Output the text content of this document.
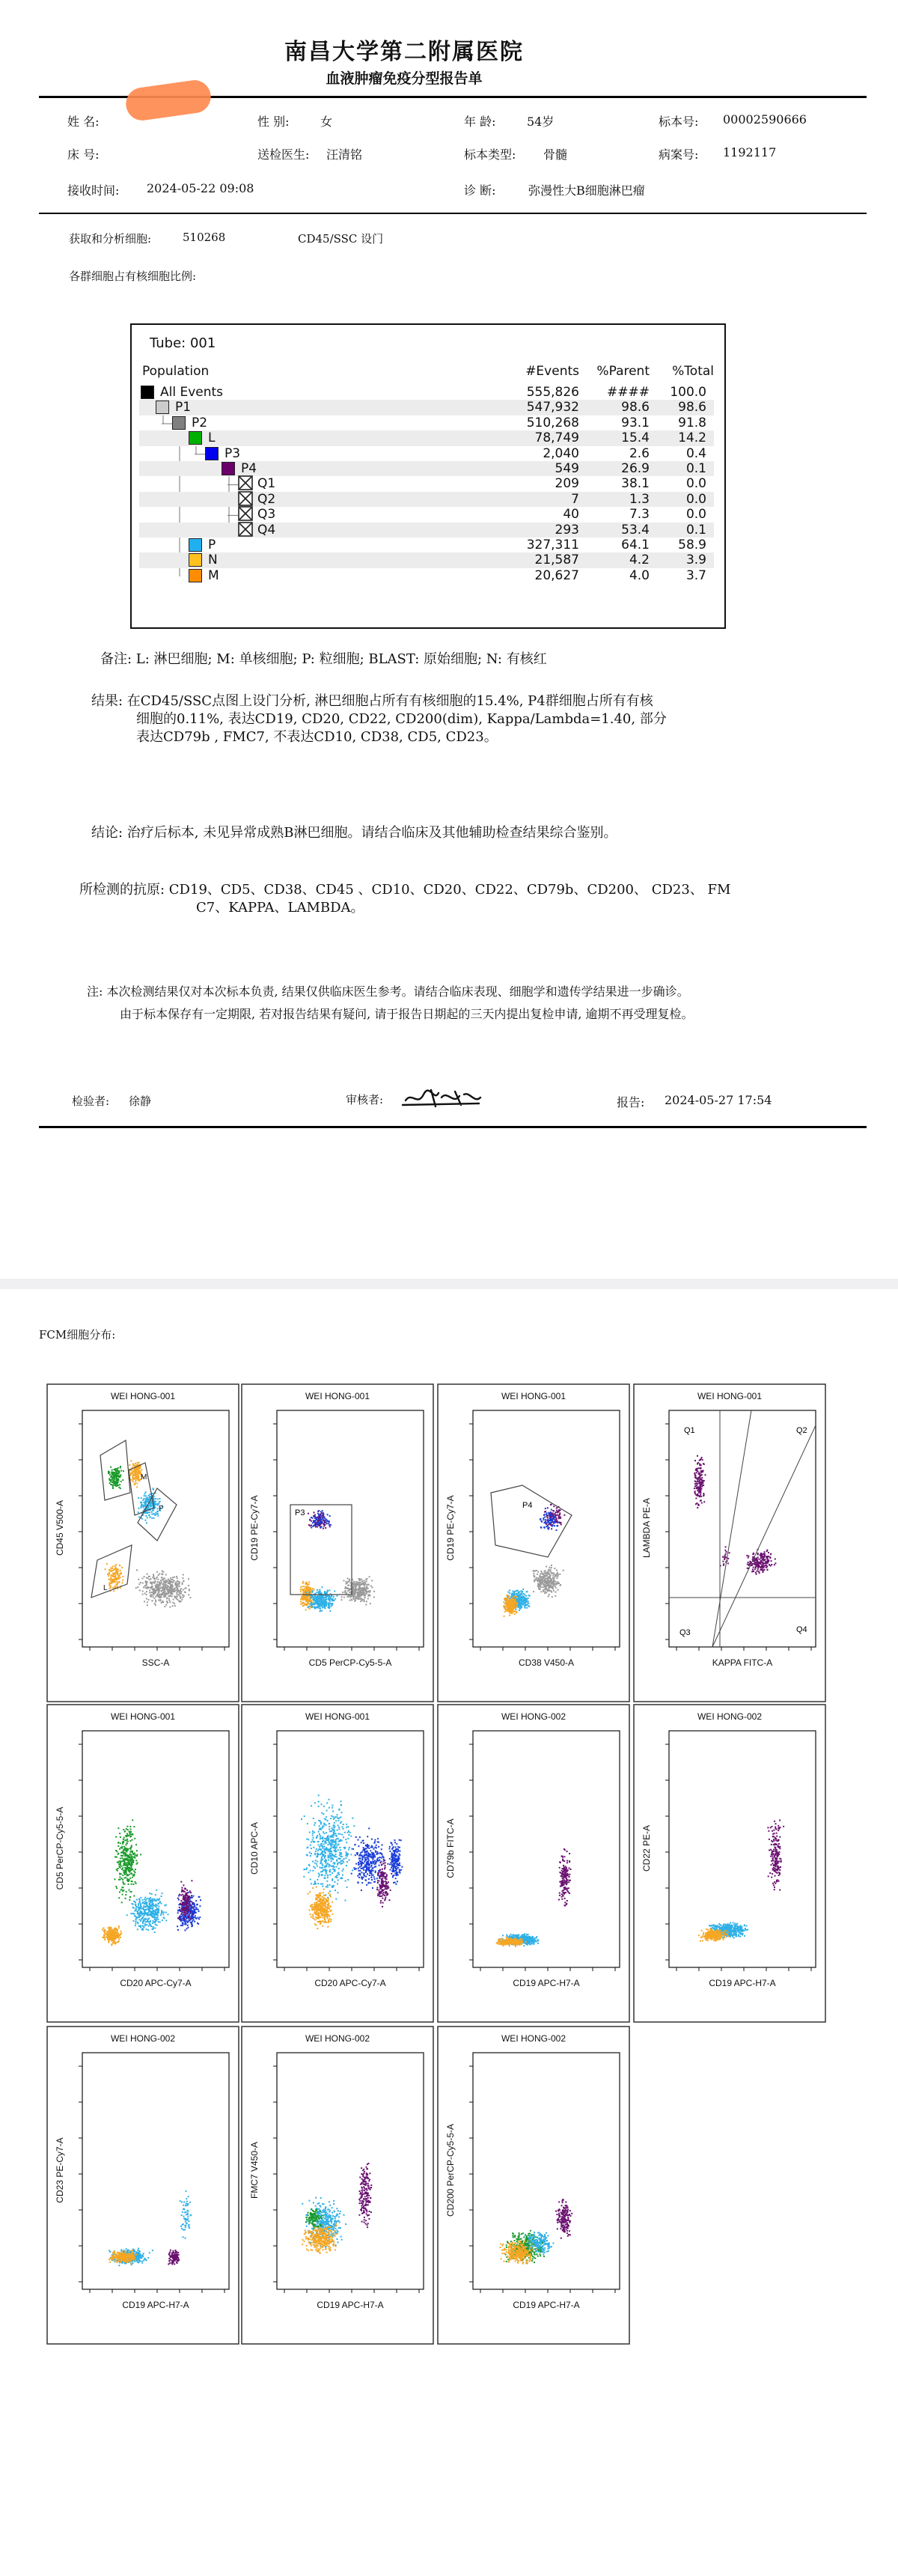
南昌大学第二附属医院
血液肿瘤免疫分型报告单
姓 名:	性 别:	女	年 龄:	54岁	标本号: 00002590666
床 号:	送检医生: 汪清铭	标本类型: 骨髓	病案号: 1192117
接收时间: 2024-05-22 09:08	诊 断:	弥漫性大B细胞淋巴瘤
获取和分析细胞:	510268	CD45/SSC 设门
各群细胞占有核细胞比例:
Tube: 001
Population	#Events	%Parent	%Total
All Events	555,826	####	100.0
P1	547,932	98.6	98.6
P2	510,268	93.1	91.8
L	78,749	15.4	14.2
P3	2,040	2.6	0.4
P4	549	26.9	0.1
Q1	209	38.1	0.0
Q2	7	1.3	0.0
Q3	40	7.3	0.0
Q4	293	53.4	0.1
P	327,311	64.1	58.9
N	21,587	4.2	3.9
M	20,627	4.0	3.7
备注: L: 淋巴细胞; M: 单核细胞; P: 粒细胞; BLAST: 原始细胞; N: 有核红
结果: 在CD45/SSC点图上设门分析, 淋巴细胞占所有有核细胞的15.4%, P4群细胞占所有有核
细胞的0.11%, 表达CD19, CD20, CD22, CD200(dim), Kappa/Lambda=1.40, 部分
表达CD79b , FMC7, 不表达CD10, CD38, CD5, CD23。
结论: 治疗后标本, 未见异常成熟B淋巴细胞。请结合临床及其他辅助检查结果综合鉴别。
所检测的抗原: CD19、CD5、CD38、CD45 、CD10、CD20、CD22、CD79b、CD200、 CD23、 FM
C7、KAPPA、LAMBDA。
注: 本次检测结果仅对本次标本负责, 结果仅供临床医生参考。请结合临床表现、细胞学和遗传学结果进一步确诊。
由于标本保存有一定期限, 若对报告结果有疑问, 请于报告日期起的三天内提出复检申请, 逾期不再受理复检。
检验者: 徐静	审核者:	报告: 2024-05-27 17:54
FCM细胞分布:
WEI HONG-001
SSC-A
CD45 V500-A
L
M
P	P3
WEI HONG-001
CD5 PerCP-Cy5-5-A
CD19 PE-Cy7-A	P4
WEI HONG-001
CD38 V450-A
CD19 PE-Cy7-A
Q1	Q2
Q3	Q4
WEI HONG-001
KAPPA FITC-A
LAMBDA PE-A
WEI HONG-001
CD20 APC-Cy7-A
CD5 PerCP-Cy5-5-A
WEI HONG-001
CD20 APC-Cy7-A
CD10 APC-A
WEI HONG-002
CD19 APC-H7-A
CD79b FITC-A
WEI HONG-002
CD19 APC-H7-A
CD22 PE-A
WEI HONG-002
CD19 APC-H7-A
CD23 PE-Cy7-A
WEI HONG-002
CD19 APC-H7-A
FMC7 V450-A
WEI HONG-002
CD19 APC-H7-A
CD200 PerCP-Cy5-5-A
